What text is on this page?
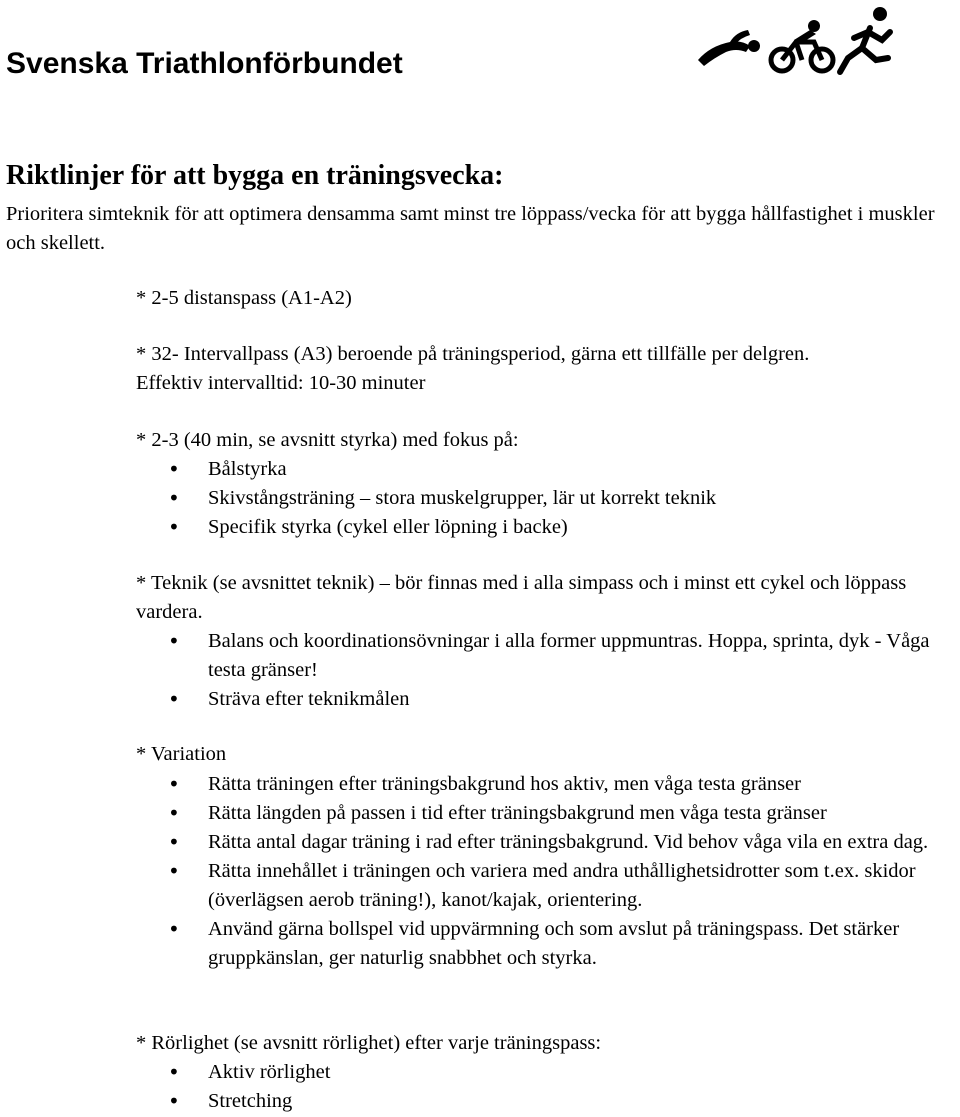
Svenska Triathlonförbundet
Riktlinjer för att bygga en träningsvecka:

Prioritera simteknik för att optimera densamma samt minst tre löppass/vecka för att bygga hållfastighet i muskler och skellett.

* 2-5 distanspass (A1-A2)

* 32- Intervallpass (A3) beroende på träningsperiod, gärna ett tillfälle per delgren.
Effektiv intervalltid: 10-30 minuter

* 2-3 (40 min, se avsnitt styrka) med fokus på:

• Bålstyrka
• Skivstångsträning – stora muskelgrupper, lär ut korrekt teknik
• Specifik styrka (cykel eller löpning i backe)

* Teknik (se avsnittet teknik) – bör finnas med i alla simpass och i minst ett cykel och löppass vardera.

• Balans och koordinationsövningar i alla former uppmuntras. Hoppa, sprinta, dyk - Våga testa gränser!
• Sträva efter teknikmålen

* Variation

• Rätta träningen efter träningsbakgrund hos aktiv, men våga testa gränser
• Rätta längden på passen i tid efter träningsbakgrund men våga testa gränser
• Rätta antal dagar träning i rad efter träningsbakgrund. Vid behov våga vila en extra dag.
• Rätta innehållet i träningen och variera med andra uthållighetsidrotter som t.ex. skidor (överlägsen aerob träning!), kanot/kajak, orientering.
• Använd gärna bollspel vid uppvärmning och som avslut på träningspass. Det stärker gruppkänslan, ger naturlig snabbhet och styrka.

* Rörlighet (se avsnitt rörlighet) efter varje träningspass:

• Aktiv rörlighet
• Stretching
